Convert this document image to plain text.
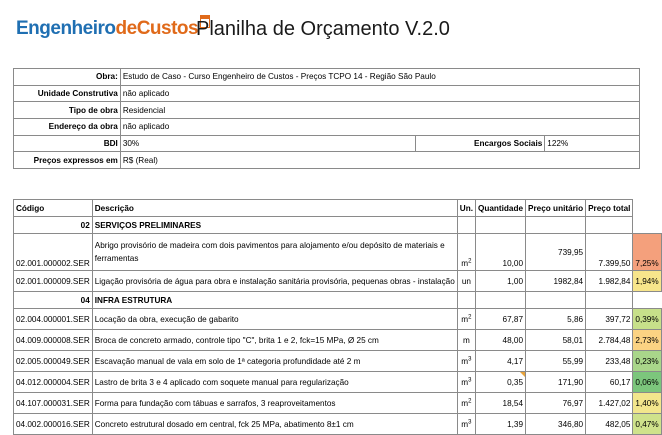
EngenheirodeCustos
Planilha de Orçamento V.2.0
Obra:	Estudo de Caso - Curso Engenheiro de Custos - Preços TCPO 14 - Região São Paulo		
Unidade Construtiva	não aplicado		
Tipo de obra	Residencial		
Endereço da obra	não aplicado		
BDI	30%	Encargos Sociais	122%
Preços expressos em	R$ (Real)		
Código	Descrição	Un.	Quantidade	Preço unitário	Preço total	
02	SERVIÇOS PRELIMINARES					
02.001.000002.SER	Abrigo provisório de madeira com dois pavimentos para alojamento e/ou depósito de materiais e ferramentas	$m^2$	10,00	739,95	7.399,50	7,25%
02.001.000009.SER	Ligação provisória de água para obra e instalação sanitária provisória, pequenas obras - instalação	un	1,00	1982,84	1.982,84	1,94%
04	INFRA ESTRUTURA					
02.004.000001.SER	Locação da obra, execução de gabarito	$m^2$	67,87	5,86	397,72	0,39%
04.009.000008.SER	Broca de concreto armado, controle tipo "C", brita 1 e 2, fck=15 MPa, Ø 25 cm	m	48,00	58,01	2.784,48	2,73%
02.005.000049.SER	Escavação manual de vala em solo de 1ª categoria profundidade até 2 m	$m^3$	4,17	55,99	233,48	0,23%
04.012.000004.SER	Lastro de brita 3 e 4 aplicado com soquete manual para regularização	$m^3$	0,35	171,90	60,17	0,06%
04.107.000031.SER	Forma para fundação com tábuas e sarrafos, 3 reaproveitamentos	$m^2$	18,54	76,97	1.427,02	1,40%
04.002.000016.SER	Concreto estrutural dosado em central, fck 25 MPa, abatimento 8±1 cm	$m^3$	1,39	346,80	482,05	0,47%
